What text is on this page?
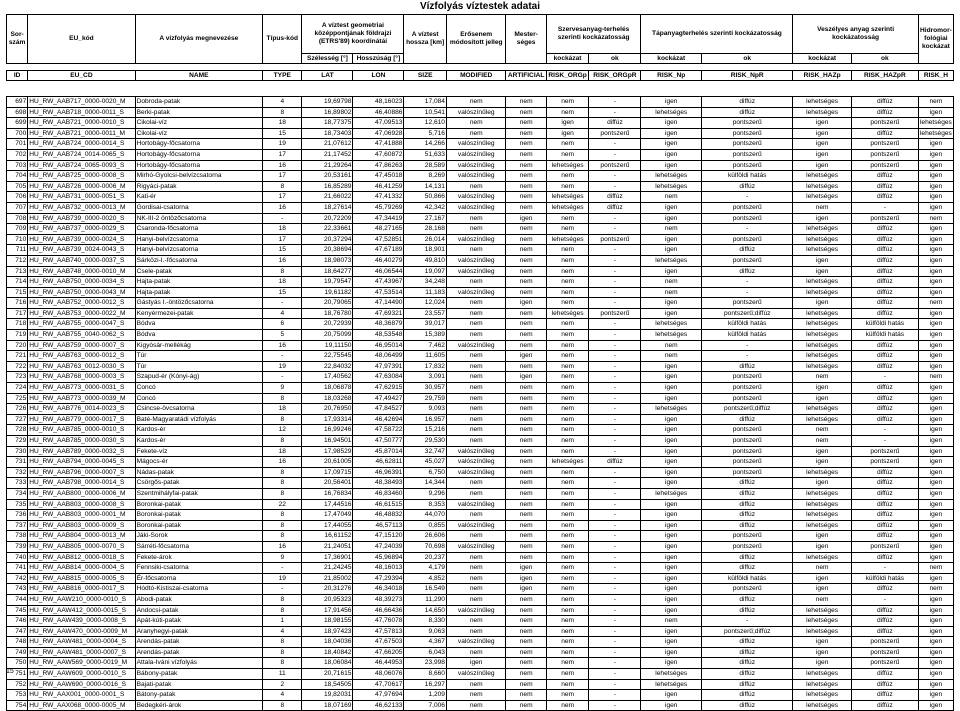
Vízfolyás víztestek adatai
Sor-szám	EU_kód	A vízfolyás megnevezése	Típus-kód	A víztest geometriai középpontjának földrajzi (ETRS'89) koordinátái		A víztest hossza [km]	Erősenem módosított jelleg	Mester-séges	Szervesanyag-terhelés szerinti kockázatosság		Tápanyagterhelés szerinti kockázatosság		Veszélyes anyag szerinti kockázatosság		Hidromor-fológiai kockázat
				Szélesség [°]	Hosszúság [°]				kockázat	ok	kockázat	ok	kockázat	ok	

ID	EU_CD	NAME	TYPE	LAT	LON	SIZE	MODIFIED	ARTIFICIAL	RISK_ORGp	RISK_ORGpR	RISK_Np	RISK_NpR	RISK_HAZp	RISK_HAZpR	RISK_H
697	HU_RW_AAB717_0000-0020_M	Dobroda-patak	4	19,69798	48,16023	17,084	nem	nem	nem	-	igen	diffúz	lehetséges	diffúz	nem
698	HU_RW_AAB718_0000-0011_S	Berki-patak	8	16,89802	46,40886	10,541	valószínűleg	nem	nem	-	lehetséges	diffúz	lehetséges	diffúz	igen
699	HU_RW_AAB721_0000-0010_S	Cikolai-víz	18	18,77375	47,09513	12,610	nem	nem	igen	diffúz	igen	pontszerű	igen	pontszerű	lehetséges
700	HU_RW_AAB721_0000-0011_M	Cikolai-víz	15	18,73403	47,06928	5,716	nem	nem	igen	pontszerű	igen	pontszerű	igen	diffúz	lehetséges
701	HU_RW_AAB724_0000-0014_S	Hortobágy-főcsatorna	19	21,07612	47,41888	14,266	valószínűleg	nem	nem	-	igen	pontszerű	igen	pontszerű	igen
702	HU_RW_AAB724_0014-0065_S	Hortobágy-főcsatorna	17	21,17452	47,60872	51,633	valószínűleg	nem	nem	-	igen	pontszerű	igen	pontszerű	igen
703	HU_RW_AAB724_0065-0093_S	Hortobágy-főcsatorna	16	21,29264	47,86263	28,589	valószínűleg	nem	lehetséges	pontszerű	igen	pontszerű	igen	pontszerű	igen
704	HU_RW_AAB725_0000-0008_S	Mirhó-Gyolcsi-belvízcsatorna	17	20,53161	47,45018	8,269	valószínűleg	nem	nem	-	lehetséges	külföldi hatás	lehetséges	diffúz	igen
705	HU_RW_AAB726_0000-0006_M	Rigyáci-patak	8	16,85289	46,41259	14,131	nem	nem	nem	-	lehetséges	diffúz	lehetséges	diffúz	igen
706	HU_RW_AAB731_0000-0051_S	Kati-ér	17	21,66022	47,41332	50,866	valószínűleg	nem	lehetséges	diffúz	nem	-	lehetséges	diffúz	igen
707	HU_RW_AAB732_0000-0013_M	Gordisai-csatorna	16	18,27614	45,79269	42,342	valószínűleg	nem	lehetséges	diffúz	igen	pontszerű	nem	-	igen
708	HU_RW_AAB739_0000-0020_S	NK-III-2 öntözőcsatorna	-	20,72209	47,34419	27,167	nem	igen	nem	-	igen	pontszerű	igen	pontszerű	nem
709	HU_RW_AAB737_0000-0029_S	Csaronda-főcsatorna	18	22,33661	48,27165	28,168	nem	nem	nem	-	nem	-	lehetséges	diffúz	igen
710	HU_RW_AAB739_0000-0024_S	Hanyi-belvízcsatorna	17	20,37294	47,52851	26,014	valószínűleg	nem	lehetséges	pontszerű	igen	pontszerű	lehetséges	diffúz	igen
711	HU_RW_AAB739_0024-0043_S	Hanyi-belvízcsatorna	15	20,38694	47,67189	18,901	nem	nem	nem	-	igen	diffúz	lehetséges	diffúz	igen
712	HU_RW_AAB740_0000-0037_S	Sárközi-I.-főcsatorna	16	18,98073	46,40279	49,810	valószínűleg	nem	nem	-	lehetséges	pontszerű	igen	diffúz	igen
713	HU_RW_AAB748_0000-0010_M	Csele-patak	8	18,64277	46,06544	19,097	valószínűleg	nem	nem	-	igen	diffúz	igen	diffúz	igen
714	HU_RW_AAB750_0000-0034_S	Hajta-patak	18	19,79547	47,43967	34,248	nem	nem	nem	-	nem	-	lehetséges	diffúz	igen
715	HU_RW_AAB750_0000-0043_M	Hajta-patak	15	19,61182	47,53514	11,183	valószínűleg	nem	nem	-	nem	-	lehetséges	diffúz	igen
716	HU_RW_AAB752_0000-0012_S	Gástyás I.-öntözőcsatorna	-	20,79065	47,14490	12,024	nem	igen	nem	-	igen	pontszerű	igen	diffúz	nem
717	HU_RW_AAB753_0000-0022_M	Kenyérmezei-patak	4	18,76780	47,69321	23,557	nem	nem	lehetséges	pontszerű	igen	pontszerű;diffúz	lehetséges	diffúz	igen
718	HU_RW_AAB755_0000-0047_S	Bódva	6	20,72939	48,36879	39,017	nem	nem	nem	-	lehetséges	külföldi hatás	lehetséges	külföldi hatás	igen
719	HU_RW_AAB755_0040-0062_S	Bódva	5	20,75099	48,53548	15,389	nem	nem	nem	-	lehetséges	külföldi hatás	lehetséges	külföldi hatás	igen
720	HU_RW_AAB759_0000-0007_S	Kigyósár-mellékág	16	19,11150	46,95014	7,462	valószínűleg	nem	nem	-	nem	-	lehetséges	diffúz	igen
721	HU_RW_AAB763_0000-0012_S	Túr	-	22,75545	48,06499	11,605	nem	igen	nem	-	nem	-	lehetséges	diffúz	igen
722	HU_RW_AAB763_0012-0030_S	Túr	19	22,84032	47,97391	17,832	nem	nem	nem	-	igen	diffúz	lehetséges	diffúz	igen
723	HU_RW_AAB768_0000-0003_S	Szapud-ér (Kónyi-ág)	-	17,40562	47,63084	3,091	nem	igen	nem	-	igen	pontszerű	nem	-	nem
724	HU_RW_AAB773_0000-0031_S	Concó	9	18,06878	47,62915	30,957	nem	nem	nem	-	igen	pontszerű	igen	diffúz	igen
725	HU_RW_AAB773_0000-0039_M	Concó	8	18,03268	47,49427	29,759	nem	nem	nem	-	igen	pontszerű	igen	diffúz	igen
726	HU_RW_AAB776_0014-0023_S	Csincse-övcsatorna	18	20,76950	47,84527	9,093	nem	nem	nem	-	lehetséges	pontszerű;diffúz	lehetséges	diffúz	igen
727	HU_RW_AAB779_0000-0017_S	Baté-Magyaratádi vízfolyás	8	17,93314	46,42694	16,957	nem	nem	nem	-	igen	diffúz	lehetséges	diffúz	igen
728	HU_RW_AAB785_0000-0010_S	Kardos-ér	12	16,99246	47,58722	15,216	nem	nem	nem	-	igen	pontszerű	nem	-	igen
729	HU_RW_AAB785_0000-0030_S	Kardos-ér	8	16,94501	47,50777	29,530	nem	nem	nem	-	igen	pontszerű	nem	-	igen
730	HU_RW_AAB789_0000-0032_S	Fekete-víz	18	17,98529	45,87014	32,747	valószínűleg	nem	nem	-	igen	pontszerű	igen	pontszerű	igen
731	HU_RW_AAB794_0000-0045_S	Mágocs-ér	16	20,61005	46,62811	45,027	valószínűleg	nem	lehetséges	diffúz	igen	pontszerű	igen	pontszerű	igen
732	HU_RW_AAB796_0000-0007_S	Nádas-patak	8	17,09715	46,96391	6,750	valószínűleg	nem	nem	-	igen	pontszerű	lehetséges	diffúz	igen
733	HU_RW_AAB798_0000-0014_S	Csörgős-patak	8	20,56401	48,38493	14,344	nem	nem	nem	-	igen	diffúz	igen	diffúz	igen
734	HU_RW_AAB800_0000-0006_M	Szentmihályfai-patak	8	16,76834	46,83460	9,296	nem	nem	nem	-	lehetséges	diffúz	lehetséges	diffúz	igen
735	HU_RW_AAB803_0000-0008_S	Boronkai-patak	22	17,44516	46,61515	8,353	valószínűleg	nem	nem	-	igen	diffúz	lehetséges	diffúz	igen
736	HU_RW_AAB803_0000-0001_M	Boronkai-patak	8	17,47049	46,48832	44,070	nem	nem	nem	-	igen	diffúz	lehetséges	diffúz	igen
737	HU_RW_AAB803_0000-0009_S	Boronkai-patak	8	17,44055	46,57113	0,855	valószínűleg	nem	nem	-	igen	diffúz	lehetséges	diffúz	igen
738	HU_RW_AAB804_0000-0013_M	Jáki-Sorok	8	16,61152	47,15120	26,606	nem	nem	nem	-	igen	pontszerű	igen	diffúz	igen
739	HU_RW_AAB805_0000-0070_S	Sárréti-főcsatorna	16	21,24051	47,24039	70,698	valószínűleg	nem	nem	-	igen	pontszerű	igen	pontszerű	igen
740	HU_RW_AAB812_0000-0018_S	Fekete-árok	9	17,36901	45,96894	20,237	nem	nem	nem	-	igen	diffúz	lehetséges	diffúz	igen
741	HU_RW_AAB814_0000-0004_S	Fennsiki-csatorna	-	21,24245	48,16013	4,179	nem	igen	nem	-	igen	diffúz	nem	-	nem
742	HU_RW_AAB815_0000-0005_S	Ér-főcsatorna	19	21,85002	47,29394	4,852	nem	igen	nem	-	igen	külföldi hatás	igen	külföldi hatás	igen
743	HU_RW_AAB816_0000-0017_S	Hódtó-Kistiszai-csatorna	-	20,31276	46,34018	16,549	nem	igen	nem	-	igen	pontszerű	igen	diffúz	nem
744	HU_RW_AAW210_0000-0010_S	Abodi-patak	8	20,95323	48,39273	11,290	nem	nem	nem	-	igen	diffúz	nem	-	igen
745	HU_RW_AAW412_0000-0015_S	Andocsi-patak	8	17,91456	46,66436	14,650	valószínűleg	nem	nem	-	igen	diffúz	lehetséges	diffúz	igen
746	HU_RW_AAW439_0000-0008_S	Apát-kúti-patak	1	18,98155	47,76078	8,330	nem	nem	nem	-	nem	-	lehetséges	diffúz	igen
747	HU_RW_AAW470_0000-0009_M	Aranyhegyi-patak	4	18,97423	47,57813	9,063	nem	nem	nem	-	igen	pontszerű;diffúz	lehetséges	diffúz	igen
748	HU_RW_AAW481_0000-0004_S	Arendás-patak	8	18,04036	47,67503	4,367	valószínűleg	nem	nem	-	igen	diffúz	igen	pontszerű	igen
749	HU_RW_AAW481_0000-0007_S	Arendás-patak	8	18,40842	47,66205	6,043	nem	nem	nem	-	igen	diffúz	igen	pontszerű	igen
750	HU_RW_AAW569_0000-0019_M	Attala-Iváni vízfolyás	8	18,06084	46,44953	23,998	igen	nem	nem	-	igen	diffúz	igen	pontszerű	igen
751	HU_RW_AAW609_0000-0010_S	Bábony-patak	11	20,71615	48,06076	8,660	valószínűleg	nem	nem	-	lehetséges	diffúz	lehetséges	diffúz	igen
752	HU_RW_AAW690_0000-0016_S	Bajati-patak	2	18,54505	47,70617	16,297	nem	nem	nem	-	lehetséges	diffúz	lehetséges	diffúz	igen
753	HU_RW_AAX001_0000-0001_S	Bátony-patak	4	19,82031	47,97694	1,209	nem	nem	nem	-	igen	diffúz	lehetséges	diffúz	igen
754	HU_RW_AAX068_0000-0005_M	Bedegkéri-árok	8	18,07169	46,62133	7,006	nem	nem	nem	-	igen	diffúz	lehetséges	diffúz	igen
15
